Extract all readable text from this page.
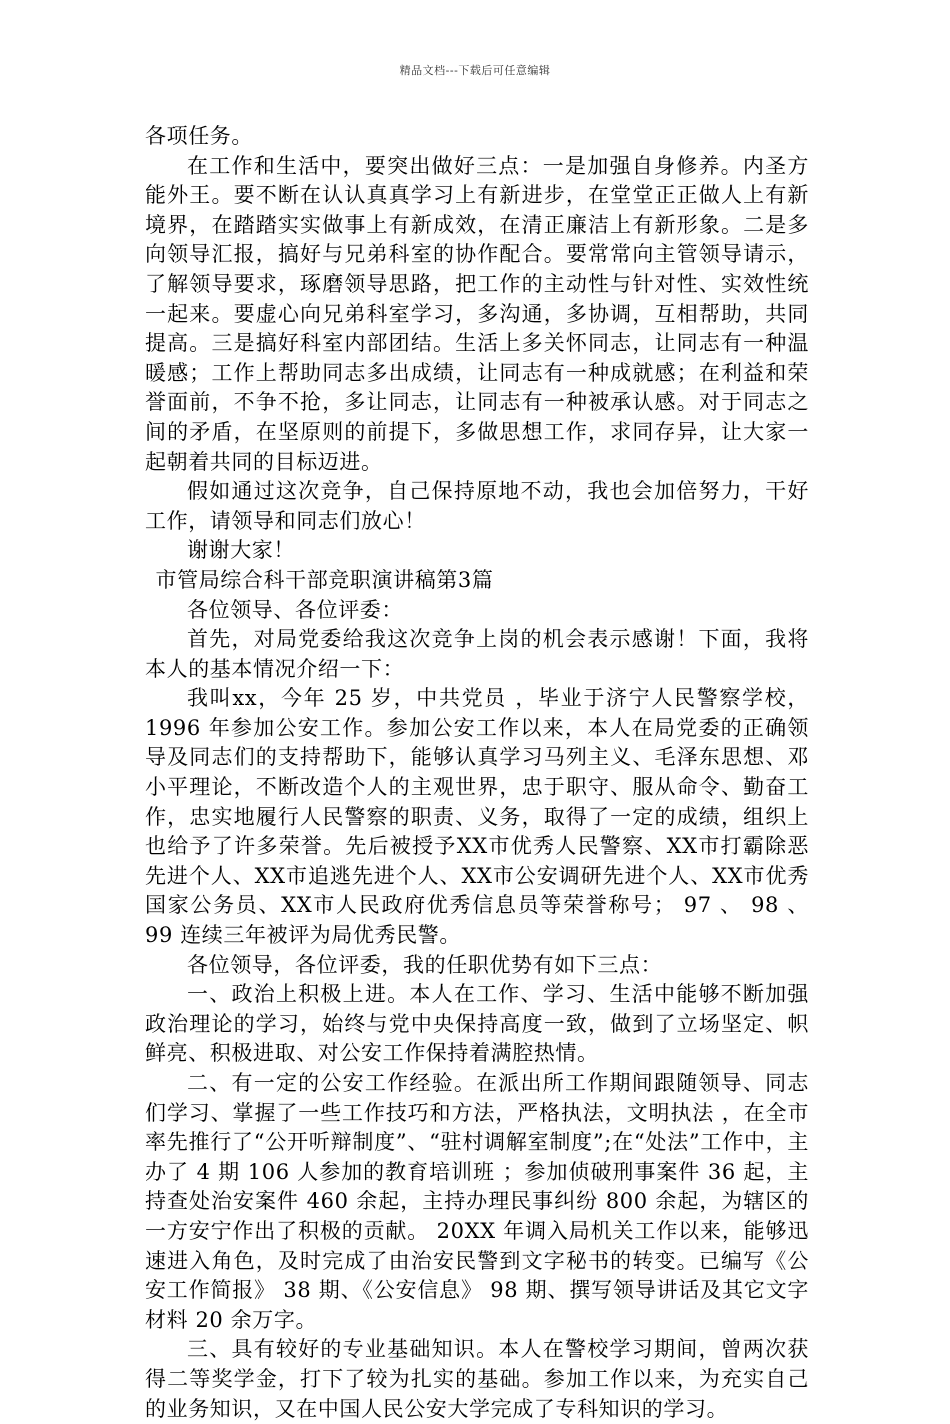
精品文档---下载后可任意编辑

各项任务。

在工作和生活中，要突出做好三点：一是加强自身修养。内圣方能外王。要不断在认认真真学习上有新进步，在堂堂正正做人上有新境界，在踏踏实实做事上有新成效，在清正廉洁上有新形象。二是多向领导汇报，搞好与兄弟科室的协作配合。要常常向主管领导请示，了解领导要求，琢磨领导思路，把工作的主动性与针对性、实效性统一起来。要虚心向兄弟科室学习，多沟通，多协调，互相帮助，共同提高。三是搞好科室内部团结。生活上多关怀同志，让同志有一种温暖感；工作上帮助同志多出成绩，让同志有一种成就感；在利益和荣誉面前，不争不抢，多让同志，让同志有一种被承认感。对于同志之间的矛盾，在坚原则的前提下，多做思想工作，求同存异，让大家一起朝着共同的目标迈进。

假如通过这次竞争，自己保持原地不动，我也会加倍努力，干好工作，请领导和同志们放心！

谢谢大家！

市管局综合科干部竞职演讲稿第3篇

各位领导、各位评委：

首先，对局党委给我这次竞争上岗的机会表示感谢！下面，我将本人的基本情况介绍一下：

我叫xx，今年 25 岁，中共党员 ，毕业于济宁人民警察学校， 1996 年参加公安工作。参加公安工作以来，本人在局党委的正确领导及同志们的支持帮助下，能够认真学习马列主义、毛泽东思想、邓小平理论，不断改造个人的主观世界，忠于职守、服从命令、勤奋工作，忠实地履行人民警察的职责、义务，取得了一定的成绩，组织上也给予了许多荣誉。先后被授予XX市优秀人民警察、XX市打霸除恶先进个人、XX市追逃先进个人、XX市公安调研先进个人、XX市优秀国家公务员、XX市人民政府优秀信息员等荣誉称号； 97 、 98 、 99 连续三年被评为局优秀民警。

各位领导，各位评委，我的任职优势有如下三点：

一、政治上积极上进。本人在工作、学习、生活中能够不断加强政治理论的学习，始终与党中央保持高度一致，做到了立场坚定、帜鲜亮、积极进取、对公安工作保持着满腔热情。

二、有一定的公安工作经验。在派出所工作期间跟随领导、同志们学习、掌握了一些工作技巧和方法，严格执法，文明执法 ，在全市率先推行了“公开听辩制度”、“驻村调解室制度”;在“处法”工作中，主办了 4 期 106 人参加的教育培训班 ；参加侦破刑事案件 36 起，主持查处治安案件 460 余起，主持办理民事纠纷 800 余起，为辖区的一方安宁作出了积极的贡献。 20XX 年调入局机关工作以来，能够迅速进入角色，及时完成了由治安民警到文字秘书的转变。已编写《公安工作简报》 38 期、《公安信息》 98 期、撰写领导讲话及其它文字材料 20 余万字。

三、具有较好的专业基础知识。本人在警校学习期间，曾两次获得二等奖学金，打下了较为扎实的基础。参加工作以来，为充实自己的业务知识，又在中国人民公安大学完成了专科知识的学习。
